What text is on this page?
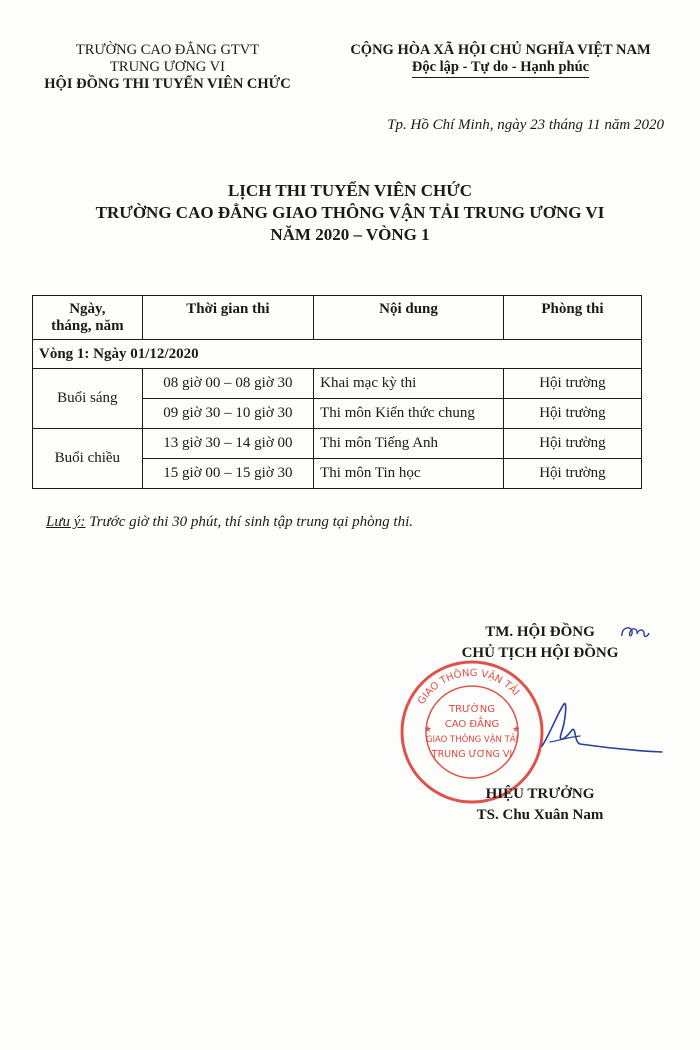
TRƯỜNG CAO ĐẲNG GTVT
TRUNG ƯƠNG VI
HỘI ĐỒNG THI TUYỂN VIÊN CHỨC
CỘNG HÒA XÃ HỘI CHỦ NGHĨA VIỆT NAM
Độc lập - Tự do - Hạnh phúc
Tp. Hồ Chí Minh, ngày 23 tháng 11 năm 2020
LỊCH THI TUYỂN VIÊN CHỨC
TRƯỜNG CAO ĐẲNG GIAO THÔNG VẬN TẢI TRUNG ƯƠNG VI
NĂM 2020 – VÒNG 1
Ngày,
tháng, năm	Thời gian thi	Nội dung	Phòng thi
Vòng 1: Ngày 01/12/2020			
Buổi sáng	08 giờ 00 – 08 giờ 30	Khai mạc kỳ thi	Hội trường
	09 giờ 30 – 10 giờ 30	Thi môn Kiến thức chung	Hội trường
Buổi chiều	13 giờ 30 – 14 giờ 00	Thi môn Tiếng Anh	Hội trường
	15 giờ 00 – 15 giờ 30	Thi môn Tin học	Hội trường
Lưu ý: Trước giờ thi 30 phút, thí sinh tập trung tại phòng thi.
TM. HỘI ĐỒNG
CHỦ TỊCH HỘI ĐỒNG
GIAO THÔNG VẬN TẢI
TRƯỜNG
CAO ĐẲNG
GIAO THÔNG VẬN TẢI
TRUNG ƯƠNG VI
★	★
HIỆU TRƯỞNG
TS. Chu Xuân Nam
